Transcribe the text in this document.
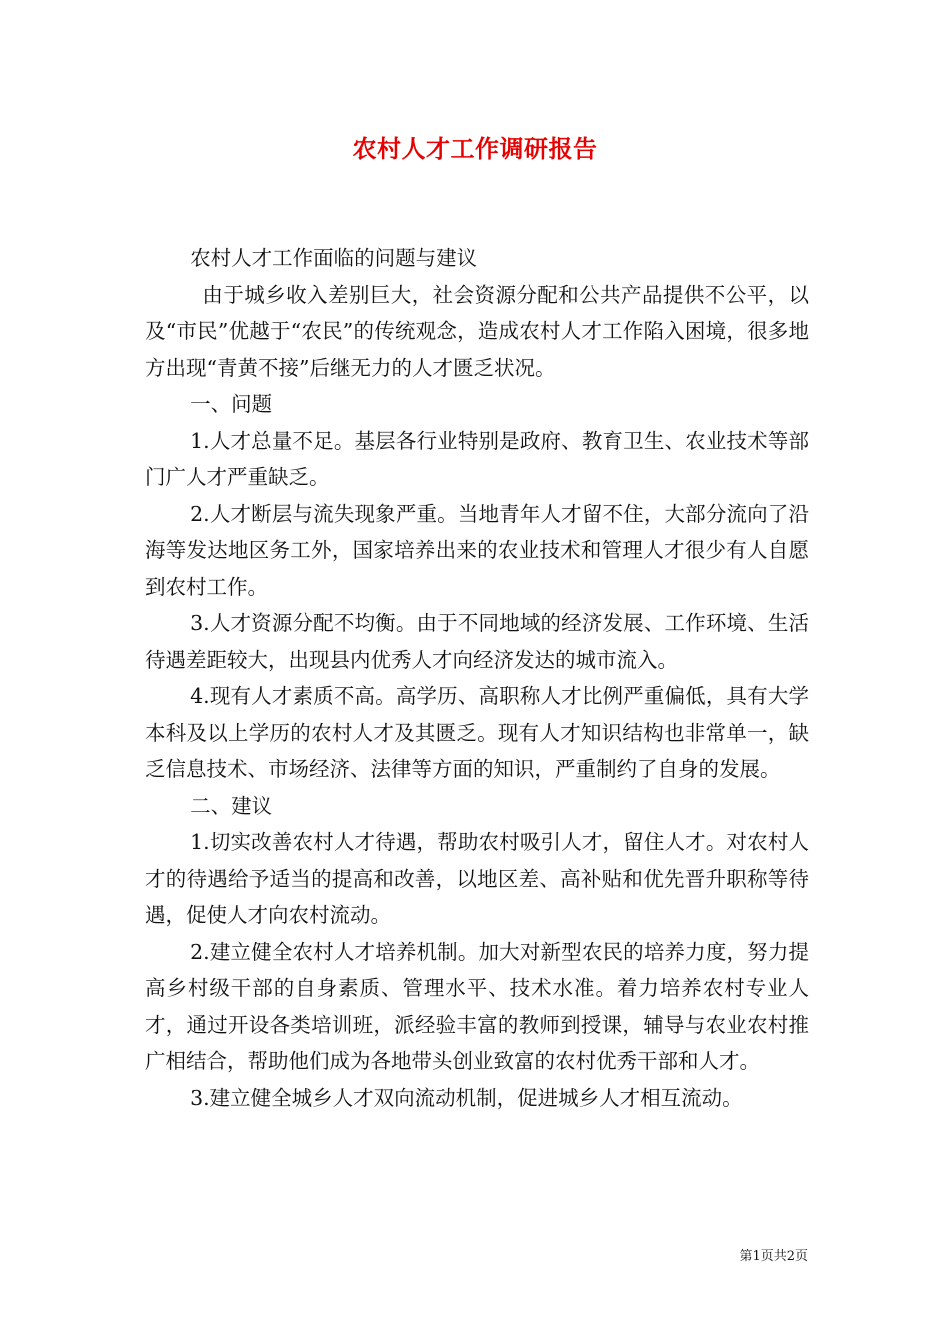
农村人才工作调研报告

农村人才工作面临的问题与建议

由于城乡收入差别巨大，社会资源分配和公共产品提供不公平，以及“市民”优越于“农民”的传统观念，造成农村人才工作陷入困境，很多地方出现“青黄不接”后继无力的人才匮乏状况。

一、问题

1.人才总量不足。基层各行业特别是政府、教育卫生、农业技术等部门广人才严重缺乏。

2.人才断层与流失现象严重。当地青年人才留不住，大部分流向了沿海等发达地区务工外，国家培养出来的农业技术和管理人才很少有人自愿到农村工作。

3.人才资源分配不均衡。由于不同地域的经济发展、工作环境、生活待遇差距较大，出现县内优秀人才向经济发达的城市流入。

4.现有人才素质不高。高学历、高职称人才比例严重偏低，具有大学本科及以上学历的农村人才及其匮乏。现有人才知识结构也非常单一，缺乏信息技术、市场经济、法律等方面的知识，严重制约了自身的发展。

二、建议

1.切实改善农村人才待遇，帮助农村吸引人才，留住人才。对农村人才的待遇给予适当的提高和改善，以地区差、高补贴和优先晋升职称等待遇，促使人才向农村流动。

2.建立健全农村人才培养机制。加大对新型农民的培养力度，努力提高乡村级干部的自身素质、管理水平、技术水准。着力培养农村专业人才，通过开设各类培训班，派经验丰富的教师到授课，辅导与农业农村推广相结合，帮助他们成为各地带头创业致富的农村优秀干部和人才。

3.建立健全城乡人才双向流动机制，促进城乡人才相互流动。

第1页共2页
